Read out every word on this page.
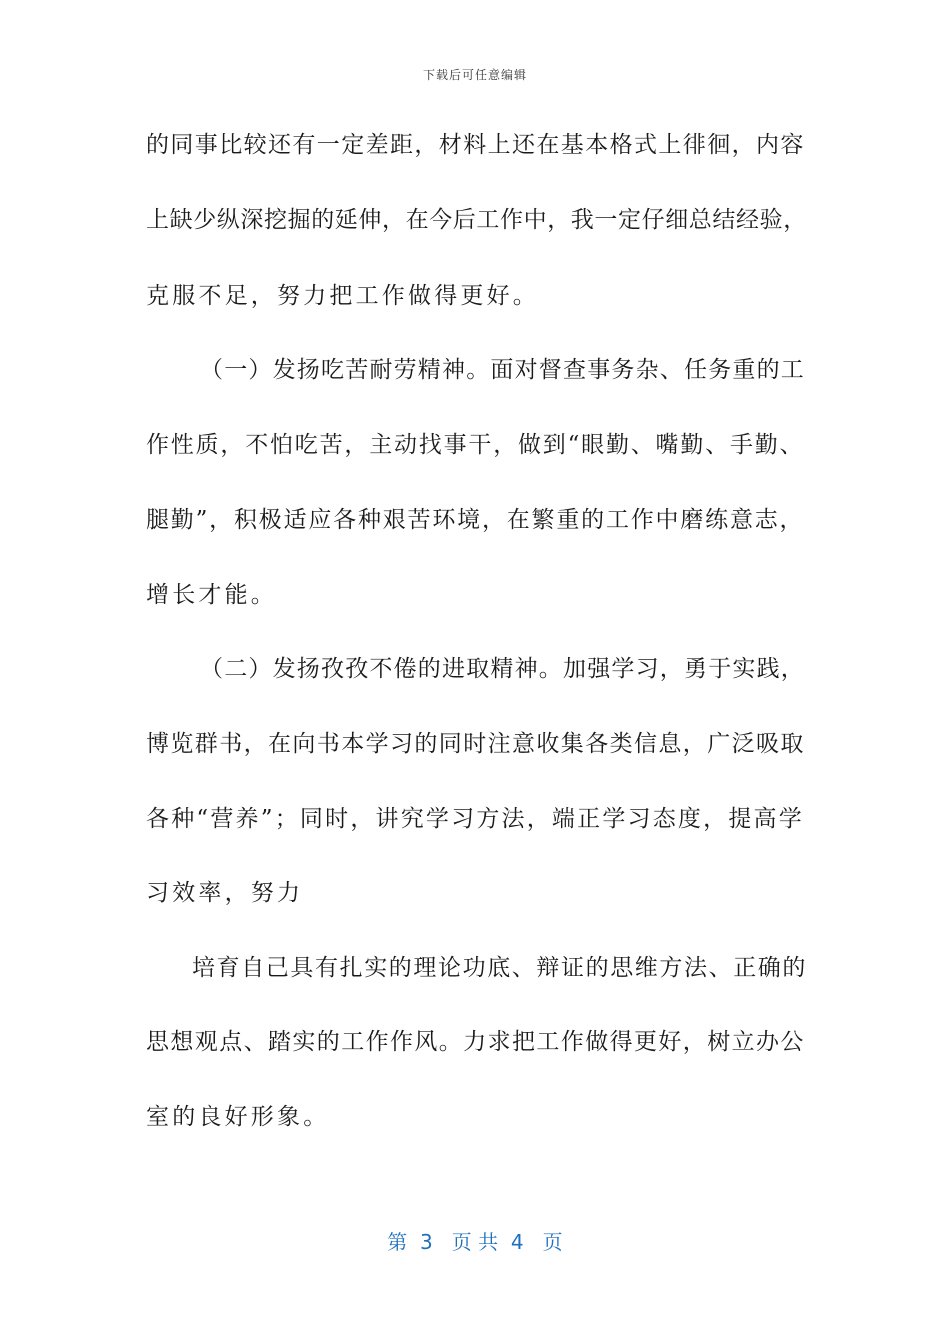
下载后可任意编辑
的同事比较还有一定差距，材料上还在基本格式上徘徊，内容
上缺少纵深挖掘的延伸，在今后工作中，我一定仔细总结经验，
克服不足，努力把工作做得更好。
（一）发扬吃苦耐劳精神。面对督查事务杂、任务重的工
作性质，不怕吃苦，主动找事干，做到“眼勤、嘴勤、手勤、
腿勤”，积极适应各种艰苦环境，在繁重的工作中磨练意志，
增长才能。
（二）发扬孜孜不倦的进取精神。加强学习，勇于实践，
博览群书，在向书本学习的同时注意收集各类信息，广泛吸取
各种“营养”；同时，讲究学习方法，端正学习态度，提高学
习效率，努力
培育自己具有扎实的理论功底、辩证的思维方法、正确的
思想观点、踏实的工作作风。力求把工作做得更好，树立办公
室的良好形象。
第  3   页 共  4   页
